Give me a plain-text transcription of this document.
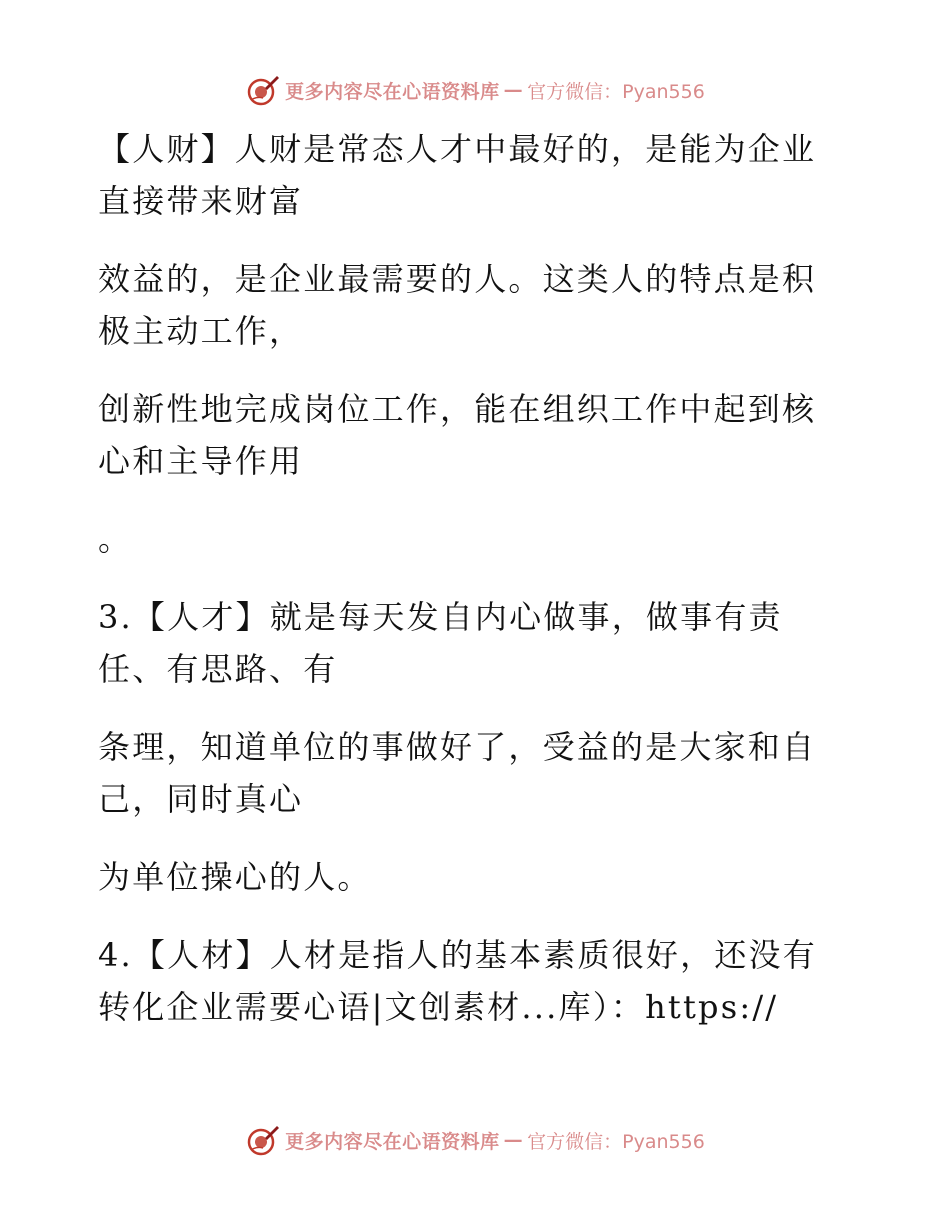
更多内容尽在心语资料库 — 官方微信：Pyan556

【人财】人财是常态人才中最好的，是能为企业
直接带来财富

效益的，是企业最需要的人。这类人的特点是积
极主动工作，

创新性地完成岗位工作，能在组织工作中起到核
心和主导作用

。

3.【人才】就是每天发自内心做事，做事有责
任、有思路、有

条理，知道单位的事做好了，受益的是大家和自
己，同时真心

为单位操心的人。

4.【人材】人材是指人的基本素质很好，还没有
转化企业需要心语|文创素材...库）：https://

更多内容尽在心语资料库 — 官方微信：Pyan556
